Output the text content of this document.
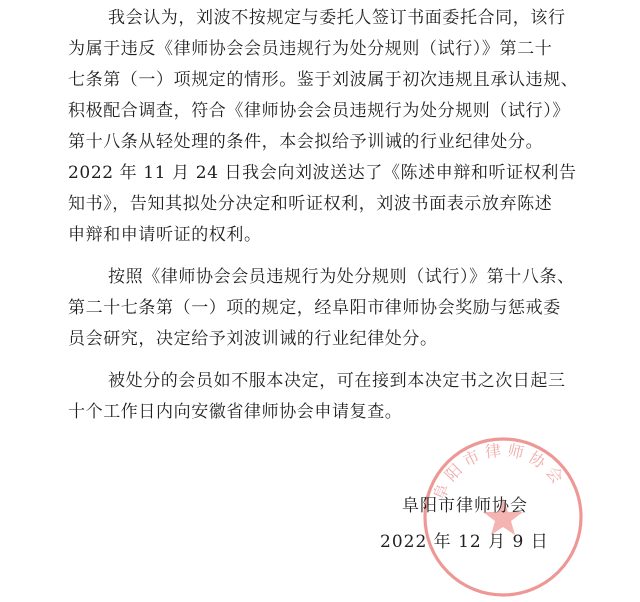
我会认为，刘波不按规定与委托人签订书面委托合同，该行
为属于违反《律师协会会员违规行为处分规则（试行）》第二十
七条第（一）项规定的情形。鉴于刘波属于初次违规且承认违规、
积极配合调查，符合《律师协会会员违规行为处分规则（试行）》
第十八条从轻处理的条件，本会拟给予训诫的行业纪律处分。
2022 年 11 月 24 日我会向刘波送达了《陈述申辩和听证权利告
知书》，告知其拟处分决定和听证权利，刘波书面表示放弃陈述
申辩和申请听证的权利。
按照《律师协会会员违规行为处分规则（试行）》第十八条、
第二十七条第（一）项的规定，经阜阳市律师协会奖励与惩戒委
员会研究，决定给予刘波训诫的行业纪律处分。
被处分的会员如不服本决定，可在接到本决定书之次日起三
十个工作日内向安徽省律师协会申请复查。
阜阳市律师协会
阜阳市律师协会
2022 年 12 月 9 日
